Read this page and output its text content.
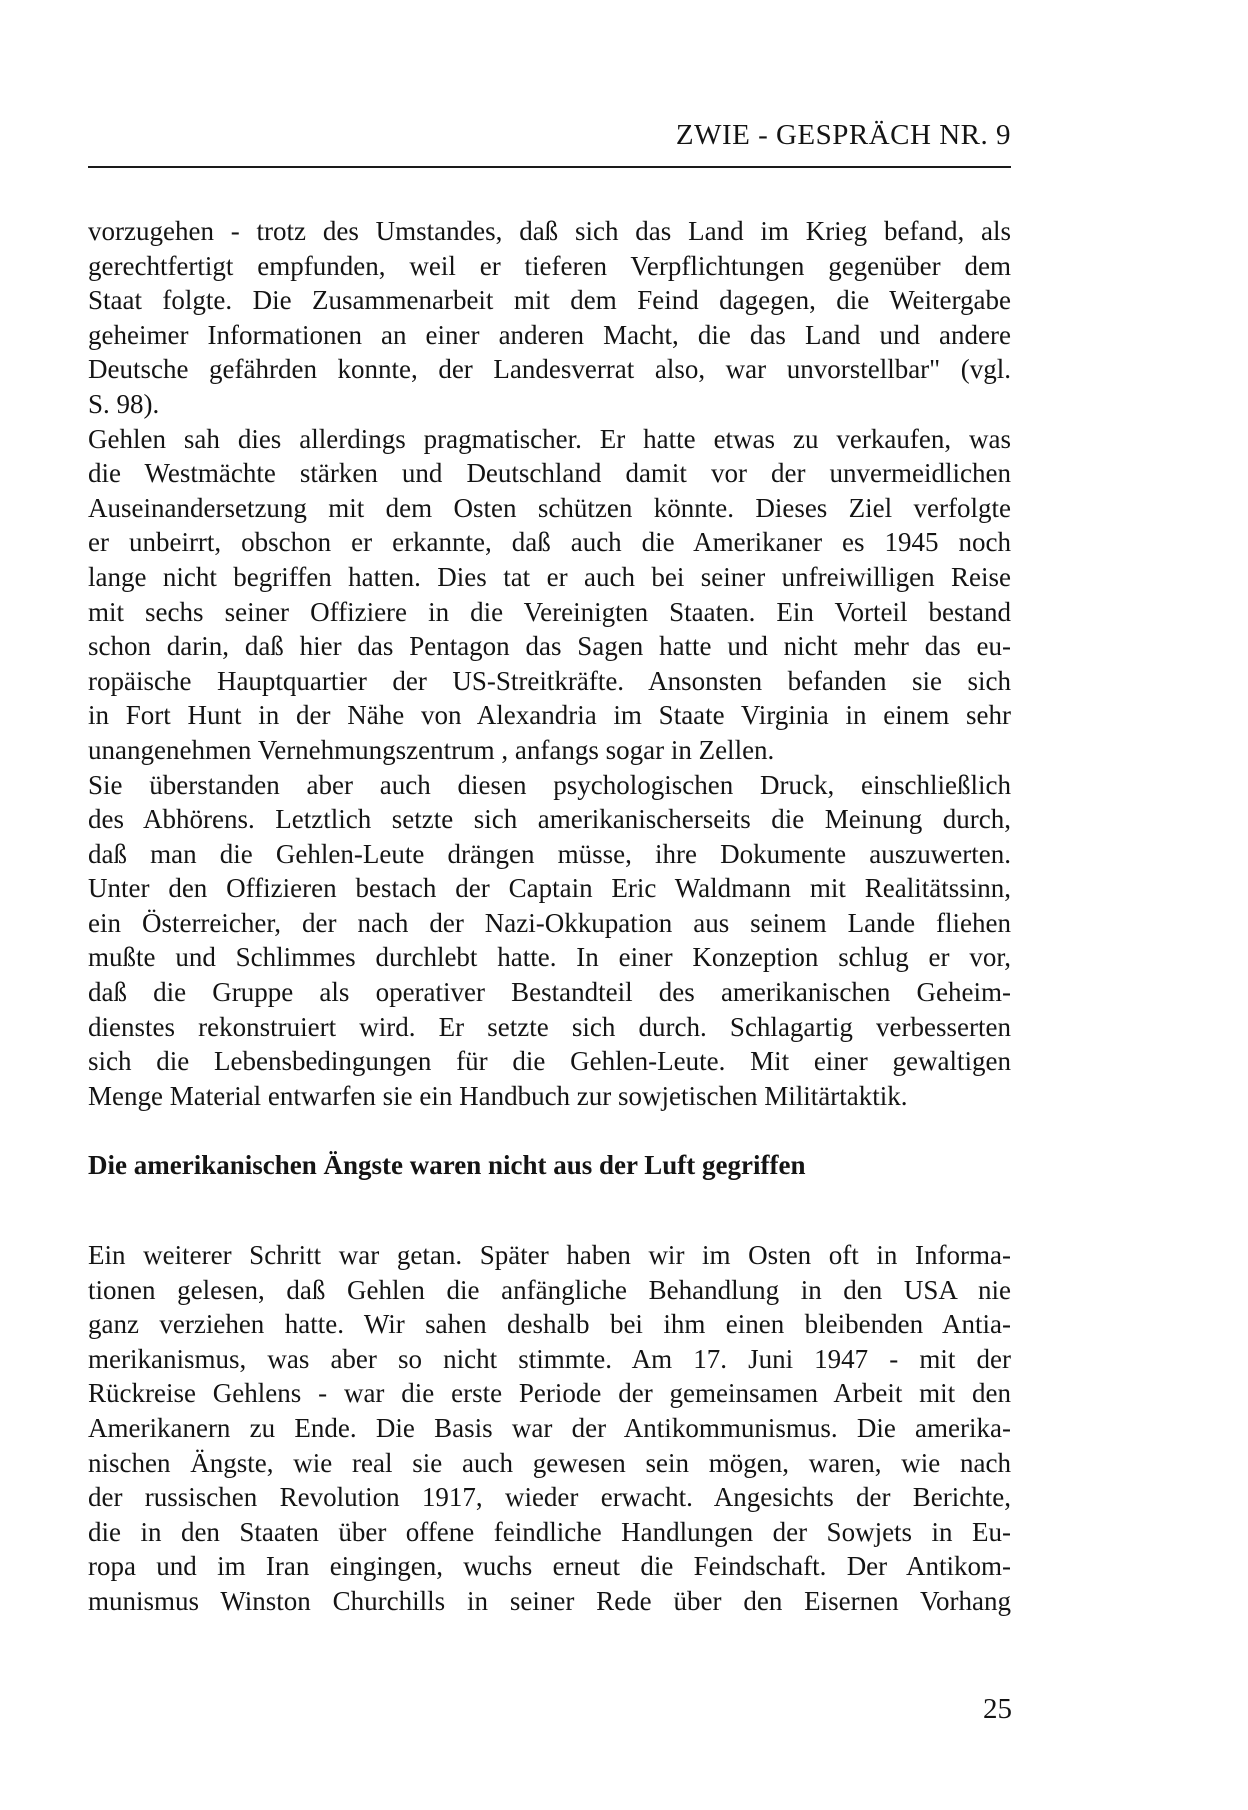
ZWIE - GESPRÄCH NR. 9
vorzugehen - trotz des Umstandes, daß sich das Land im Krieg befand, als
gerechtfertigt empfunden, weil er tieferen Verpflichtungen gegenüber dem
Staat folgte. Die Zusammenarbeit mit dem Feind dagegen, die Weitergabe
geheimer Informationen an einer anderen Macht, die das Land und andere
Deutsche gefährden konnte, der Landesverrat also, war unvorstellbar" (vgl.
S. 98).
Gehlen sah dies allerdings pragmatischer. Er hatte etwas zu verkaufen, was
die Westmächte stärken und Deutschland damit vor der unvermeidlichen
Auseinandersetzung mit dem Osten schützen könnte. Dieses Ziel verfolgte
er unbeirrt, obschon er erkannte, daß auch die Amerikaner es 1945 noch
lange nicht begriffen hatten. Dies tat er auch bei seiner unfreiwilligen Reise
mit sechs seiner Offiziere in die Vereinigten Staaten. Ein Vorteil bestand
schon darin, daß hier das Pentagon das Sagen hatte und nicht mehr das eu-
ropäische Hauptquartier der US-Streitkräfte. Ansonsten befanden sie sich
in Fort Hunt in der Nähe von Alexandria im Staate Virginia in einem sehr
unangenehmen Vernehmungszentrum , anfangs sogar in Zellen.
Sie überstanden aber auch diesen psychologischen Druck, einschließlich
des Abhörens. Letztlich setzte sich amerikanischerseits die Meinung durch,
daß man die Gehlen-Leute drängen müsse, ihre Dokumente auszuwerten.
Unter den Offizieren bestach der Captain Eric Waldmann mit Realitätssinn,
ein Österreicher, der nach der Nazi-Okkupation aus seinem Lande fliehen
mußte und Schlimmes durchlebt hatte. In einer Konzeption schlug er vor,
daß die Gruppe als operativer Bestandteil des amerikanischen Geheim-
dienstes rekonstruiert wird. Er setzte sich durch. Schlagartig verbesserten
sich die Lebensbedingungen für die Gehlen-Leute. Mit einer gewaltigen
Menge Material entwarfen sie ein Handbuch zur sowjetischen Militärtaktik.
Die amerikanischen Ängste waren nicht aus der Luft gegriffen
Ein weiterer Schritt war getan. Später haben wir im Osten oft in Informa-
tionen gelesen, daß Gehlen die anfängliche Behandlung in den USA nie
ganz verziehen hatte. Wir sahen deshalb bei ihm einen bleibenden Antia-
merikanismus, was aber so nicht stimmte. Am 17. Juni 1947 - mit der
Rückreise Gehlens - war die erste Periode der gemeinsamen Arbeit mit den
Amerikanern zu Ende. Die Basis war der Antikommunismus. Die amerika-
nischen Ängste, wie real sie auch gewesen sein mögen, waren, wie nach
der russischen Revolution 1917, wieder erwacht. Angesichts der Berichte,
die in den Staaten über offene feindliche Handlungen der Sowjets in Eu-
ropa und im Iran eingingen, wuchs erneut die Feindschaft. Der Antikom-
munismus Winston Churchills in seiner Rede über den Eisernen Vorhang
25
